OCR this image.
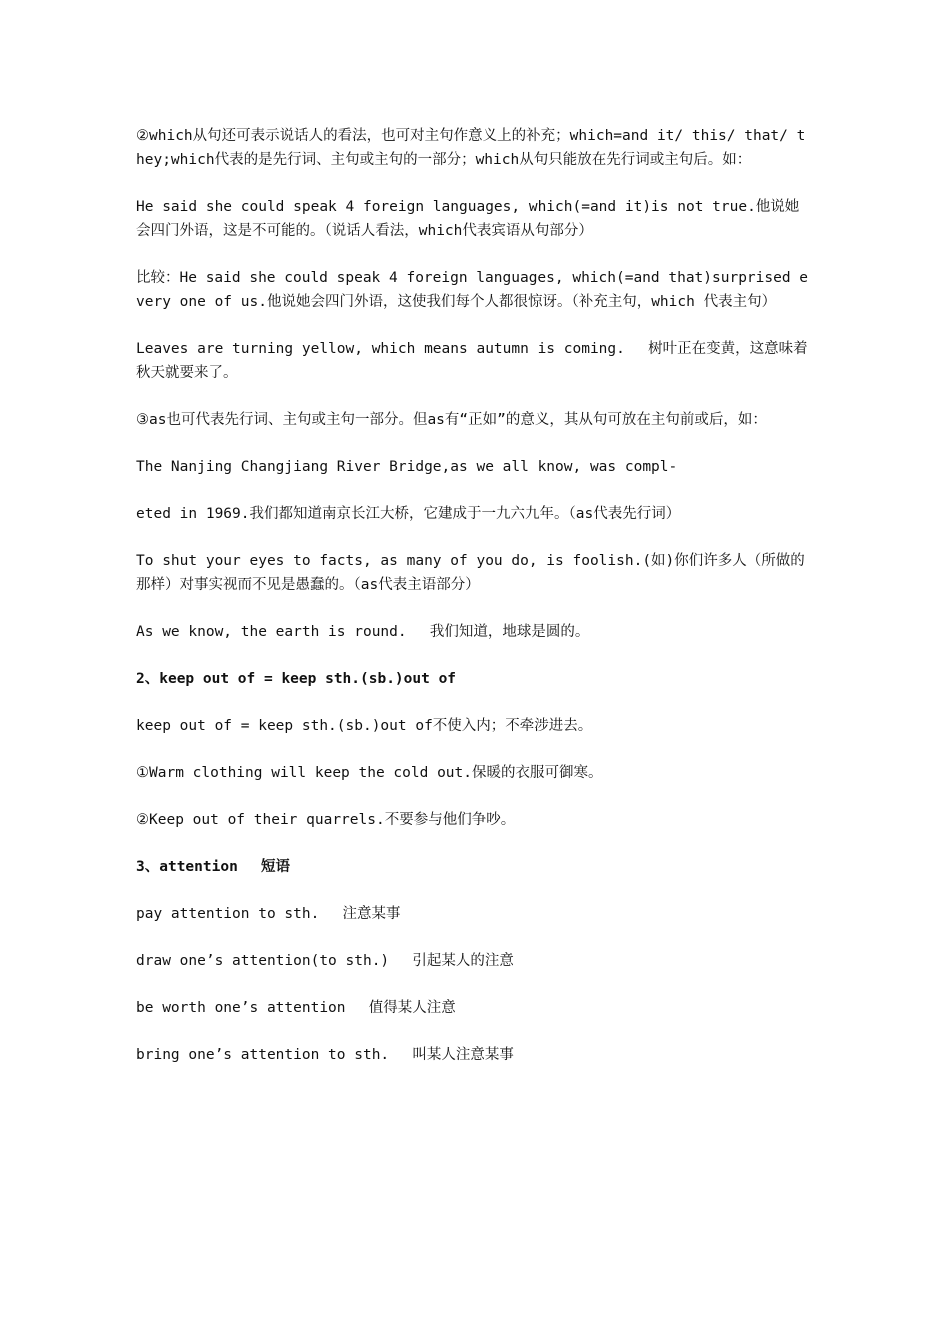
②which从句还可表示说话人的看法，也可对主句作意义上的补充；which=and it/ this/ that/ they;which代表的是先行词、主句或主句的一部分；which从句只能放在先行词或主句后。如：

He said she could speak 4 foreign languages, which(=and it)is not true.他说她会四门外语，这是不可能的。（说话人看法，which代表宾语从句部分）

比较：He said she could speak 4 foreign languages, which(=and that)surprised every one of us.他说她会四门外语，这使我们每个人都很惊讶。（补充主句，which 代表主句）

Leaves are turning yellow, which means autumn is coming.　 树叶正在变黄，这意味着秋天就要来了。

③as也可代表先行词、主句或主句一部分。但as有“正如”的意义，其从句可放在主句前或后，如：

The Nanjing Changjiang River Bridge,as we all know, was compl-

eted in 1969.我们都知道南京长江大桥，它建成于一九六九年。（as代表先行词）

To shut your eyes to facts, as many of you do, is foolish.(如)你们许多人（所做的那样）对事实视而不见是愚蠢的。（as代表主语部分）

As we know, the earth is round.　 我们知道，地球是圆的。

2、keep out of = keep sth.(sb.)out of

keep out of = keep sth.(sb.)out of不使入内；不牵涉进去。

①Warm clothing will keep the cold out.保暖的衣服可御寒。

②Keep out of their quarrels.不要参与他们争吵。

3、attention　 短语

pay attention to sth.　 注意某事

draw one’s attention(to sth.)　 引起某人的注意

be worth one’s attention　 值得某人注意

bring one’s attention to sth.　 叫某人注意某事
